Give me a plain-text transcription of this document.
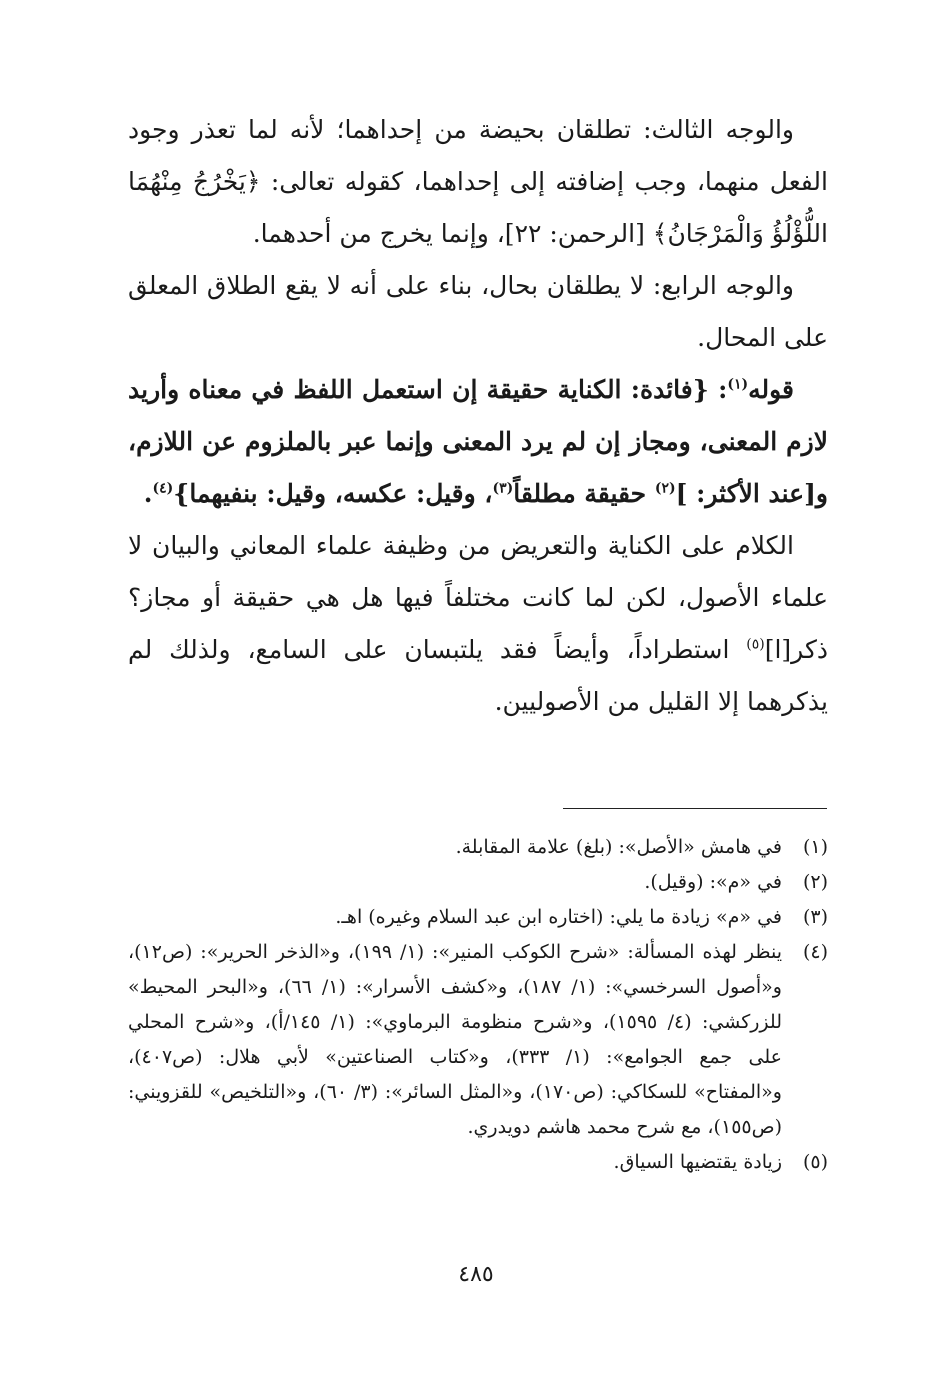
والوجه الثالث: تطلقان بحيضة من إحداهما؛ لأنه لما تعذر وجود الفعل منهما، وجب إضافته إلى إحداهما، كقوله تعالى: ﴿يَخْرُجُ مِنْهُمَا اللُّؤْلُؤُ وَالْمَرْجَانُ﴾ [الرحمن: ٢٢]، وإنما يخرج من أحدهما.

والوجه الرابع: لا يطلقان بحال، بناء على أنه لا يقع الطلاق المعلق على المحال.

قوله$^{(١)}$: {فائدة: الكناية حقيقة إن استعمل اللفظ في معناه وأريد لازم المعنى، ومجاز إن لم يرد المعنى وإنما عبر بالملزوم عن اللازم، و[عند الأكثر: ]$^{(٢)}$ حقيقة مطلقاً$^{(٣)}$، وقيل: عكسه، وقيل: بنفيهما}$^{(٤)}$.

الكلام على الكناية والتعريض من وظيفة علماء المعاني والبيان لا علماء الأصول، لكن لما كانت مختلفاً فيها هل هي حقيقة أو مجاز؟ ذكر[ا]$^{(٥)}$ استطراداً، وأيضاً فقد يلتبسان على السامع، ولذلك لم يذكرهما إلا القليل من الأصوليين.

(١)
في هامش «الأصل»: (بلغ) علامة المقابلة.
(٢)
في «م»: (وقيل).
(٣)
في «م» زيادة ما يلي: (اختاره ابن عبد السلام وغيره) اهـ.
(٤)
ينظر لهذه المسألة: «شرح الكوكب المنير»: (١/ ١٩٩)، و«الذخر الحرير»: (ص١٢)، و«أصول السرخسي»: (١/ ١٨٧)، و«كشف الأسرار»: (١/ ٦٦)، و«البحر المحيط» للزركشي: (٤/ ١٥٩٥)، و«شرح منظومة البرماوي»: (١/ ١٤٥/أ)، و«شرح المحلي على جمع الجوامع»: (١/ ٣٣٣)، و«كتاب الصناعتين» لأبي هلال: (ص٤٠٧)، و«المفتاح» للسكاكي: (ص١٧٠)، و«المثل السائر»: (٣/ ٦٠)، و«التلخيص» للقزويني: (ص١٥٥)، مع شرح محمد هاشم دويدري.
(٥)
زيادة يقتضيها السياق.
٤٨٥
